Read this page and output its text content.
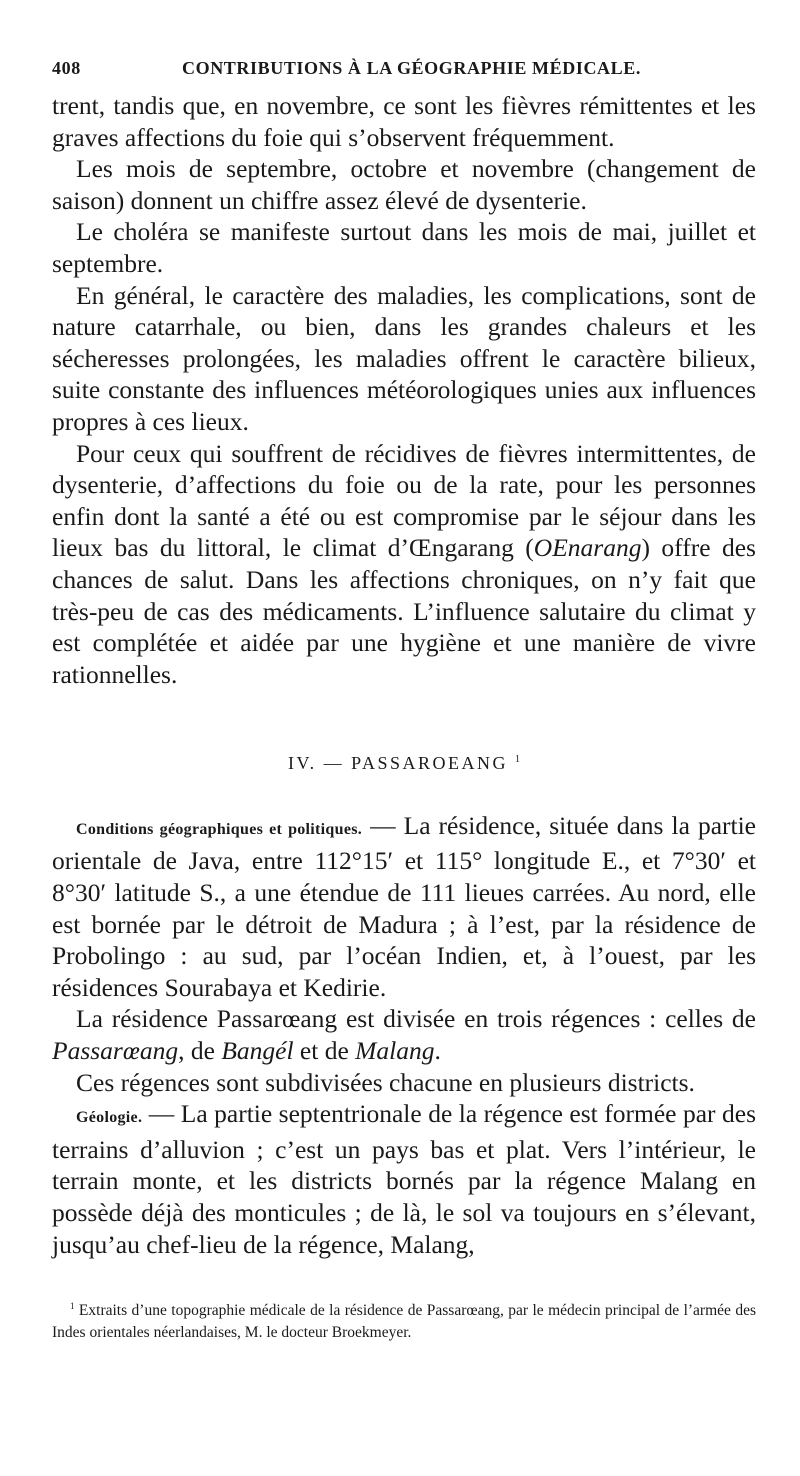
408	CONTRIBUTIONS À LA GÉOGRAPHIE MÉDICALE.

trent, tandis que, en novembre, ce sont les fièvres rémittentes et les graves affections du foie qui s’observent fréquemment.

Les mois de septembre, octobre et novembre (changement de saison) donnent un chiffre assez élevé de dysenterie.

Le choléra se manifeste surtout dans les mois de mai, juillet et septembre.

En général, le caractère des maladies, les complications, sont de nature catarrhale, ou bien, dans les grandes chaleurs et les sécheresses prolongées, les maladies offrent le caractère bilieux, suite constante des influences météorologiques unies aux influences propres à ces lieux.

Pour ceux qui souffrent de récidives de fièvres intermittentes, de dysenterie, d’affections du foie ou de la rate, pour les personnes enfin dont la santé a été ou est compromise par le séjour dans les lieux bas du littoral, le climat d’Œngarang (OEnarang) offre des chances de salut. Dans les affections chroniques, on n’y fait que très-peu de cas des médicaments. L’influence salutaire du climat y est complétée et aidée par une hygiène et une manière de vivre rationnelles.

IV. — PASSAROEANG $^1$

Conditions géographiques et politiques. — La résidence, située dans la partie orientale de Java, entre 112°15′ et 115° longitude E., et 7°30′ et 8°30′ latitude S., a une étendue de 111 lieues carrées. Au nord, elle est bornée par le détroit de Madura ; à l’est, par la résidence de Probolingo : au sud, par l’océan Indien, et, à l’ouest, par les résidences Sourabaya et Kedirie.

La résidence Passarœang est divisée en trois régences : celles de Passarœang, de Bangél et de Malang.

Ces régences sont subdivisées chacune en plusieurs districts.

Géologie. — La partie septentrionale de la régence est formée par des terrains d’alluvion ; c’est un pays bas et plat. Vers l’intérieur, le terrain monte, et les districts bornés par la régence Malang en possède déjà des monticules ; de là, le sol va toujours en s’élevant, jusqu’au chef-lieu de la régence, Malang,

$^1$ Extraits d’une topographie médicale de la résidence de Passarœang, par le médecin principal de l’armée des Indes orientales néerlandaises, M. le docteur Broekmeyer.
